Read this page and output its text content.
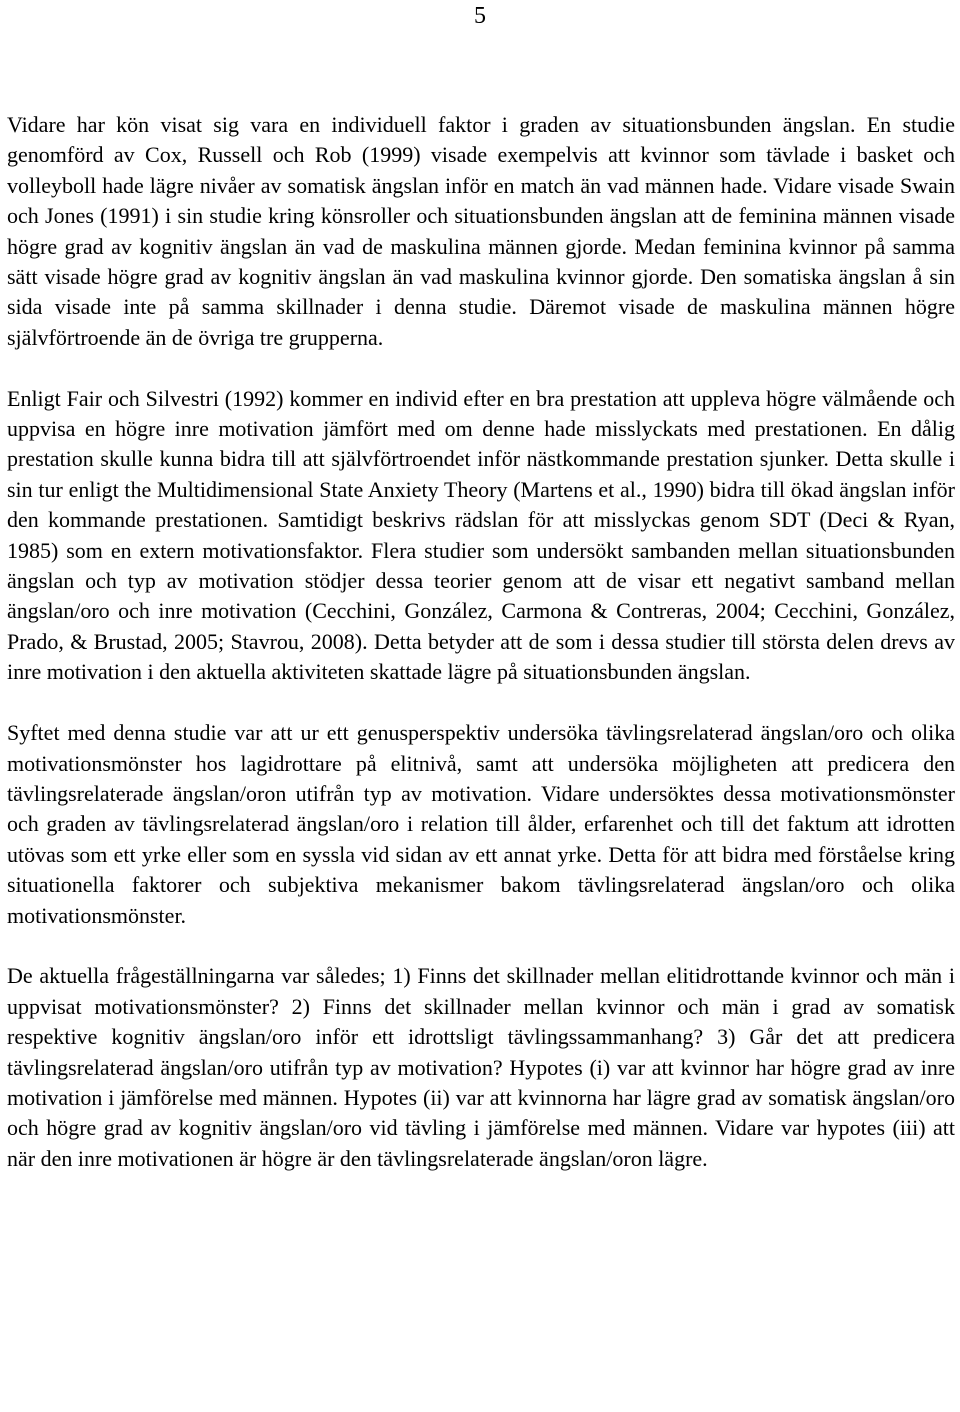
5

Vidare har kön visat sig vara en individuell faktor i graden av situationsbunden ängslan. En studie genomförd av Cox, Russell och Rob (1999) visade exempelvis att kvinnor som tävlade i basket och volleyboll hade lägre nivåer av somatisk ängslan inför en match än vad männen hade. Vidare visade Swain och Jones (1991) i sin studie kring könsroller och situationsbunden ängslan att de feminina männen visade högre grad av kognitiv ängslan än vad de maskulina männen gjorde. Medan feminina kvinnor på samma sätt visade högre grad av kognitiv ängslan än vad maskulina kvinnor gjorde. Den somatiska ängslan å sin sida visade inte på samma skillnader i denna studie. Däremot visade de maskulina männen högre självförtroende än de övriga tre grupperna.

Enligt Fair och Silvestri (1992) kommer en individ efter en bra prestation att uppleva högre välmående och uppvisa en högre inre motivation jämfört med om denne hade misslyckats med prestationen. En dålig prestation skulle kunna bidra till att självförtroendet inför nästkommande prestation sjunker. Detta skulle i sin tur enligt the Multidimensional State Anxiety Theory (Martens et al., 1990) bidra till ökad ängslan inför den kommande prestationen. Samtidigt beskrivs rädslan för att misslyckas genom SDT (Deci & Ryan, 1985) som en extern motivationsfaktor. Flera studier som undersökt sambanden mellan situationsbunden ängslan och typ av motivation stödjer dessa teorier genom att de visar ett negativt samband mellan ängslan/oro och inre motivation (Cecchini, González, Carmona & Contreras, 2004; Cecchini, González, Prado, & Brustad, 2005; Stavrou, 2008). Detta betyder att de som i dessa studier till största delen drevs av inre motivation i den aktuella aktiviteten skattade lägre på situationsbunden ängslan.

Syftet med denna studie var att ur ett genusperspektiv undersöka tävlingsrelaterad ängslan/oro och olika motivationsmönster hos lagidrottare på elitnivå, samt att undersöka möjligheten att predicera den tävlingsrelaterade ängslan/oron utifrån typ av motivation. Vidare undersöktes dessa motivationsmönster och graden av tävlingsrelaterad ängslan/oro i relation till ålder, erfarenhet och till det faktum att idrotten utövas som ett yrke eller som en syssla vid sidan av ett annat yrke. Detta för att bidra med förståelse kring situationella faktorer och subjektiva mekanismer bakom tävlingsrelaterad ängslan/oro och olika motivationsmönster.

De aktuella frågeställningarna var således; 1) Finns det skillnader mellan elitidrottande kvinnor och män i uppvisat motivationsmönster? 2) Finns det skillnader mellan kvinnor och män i grad av somatisk respektive kognitiv ängslan/oro inför ett idrottsligt tävlingssammanhang? 3) Går det att predicera tävlingsrelaterad ängslan/oro utifrån typ av motivation? Hypotes (i) var att kvinnor har högre grad av inre motivation i jämförelse med männen. Hypotes (ii) var att kvinnorna har lägre grad av somatisk ängslan/oro och högre grad av kognitiv ängslan/oro vid tävling i jämförelse med männen. Vidare var hypotes (iii) att när den inre motivationen är högre är den tävlingsrelaterade ängslan/oron lägre.
